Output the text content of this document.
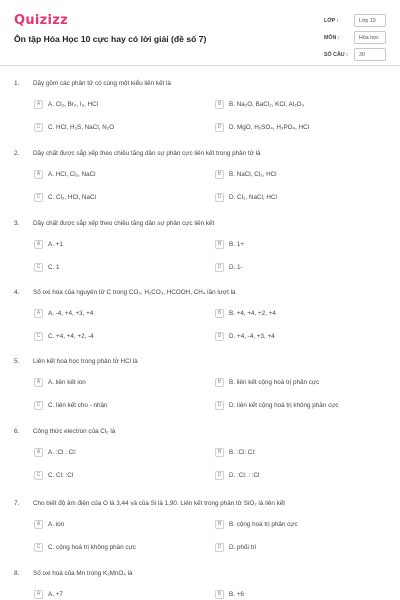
Quizizz
Ôn tập Hóa Học 10 cực hay có lời giải (đề số 7)
LỚP :	Lớp 10
MÔN :	Hóa học
SỐ CÂU :	30
1. Dãy gồm các phân tử có cùng một kiểu liên kết là
A	A. Cl₂, Br₂, I₂, HCl	B	B. Na₂O, BaCl₂, KCl, Al₂O₃
C	C. HCl, H₂S, NaCl, N₂O	D	D. MgO, H₂SO₄, H₃PO₄, HCl
2. Dãy chất được sắp xếp theo chiều tăng dần sự phân cực liên kết trong phân tử là
A	A. HCl, Cl₂, NaCl	B	B. NaCl, Cl₂, HCl
C	C. Cl₂, HCl, NaCl	D	D. Cl₂, NaCl, HCl
3. Dãy chất được sắp xếp theo chiều tăng dần sự phân cực liên kết
A	A. +1	B	B. 1+
C	C. 1	D	D. 1-
4. Số oxi hóa của nguyên tử C trong CO₂, H₂CO₃, HCOOH, CH₄ lần lượt là
A	A. -4, +4, +3, +4	B	B. +4, +4, +2, +4
C	C. +4, +4, +2, -4	D	D. +4, -4, +3, +4
5. Liên kết hoá học trong phân tử HCl là
A	A. liên kết ion	B	B. liên kết cộng hoá trị phân cực
C	C. liên kết cho - nhận	D	D. liên kết cộng hoá trị không phân cực
6. Công thức electron của Cl₂ là
A	A. :Cl : Cl:	B	B. :Cl: Cl:
C	C. Cl: :Cl	D	D. :Cl: : :Cl
7. Cho biết độ âm điện của O là 3,44 và của Si là 1,90. Liên kết trong phân tử SiO₂ là liên kết
A	A. ion	B	B. cộng hoá trị phân cực
C	C. cộng hoá trị không phân cực	D	D. phối trí
8. Số oxi hoá của Mn trong K₂MnO₄ là
A	A. +7	B	B. +6
